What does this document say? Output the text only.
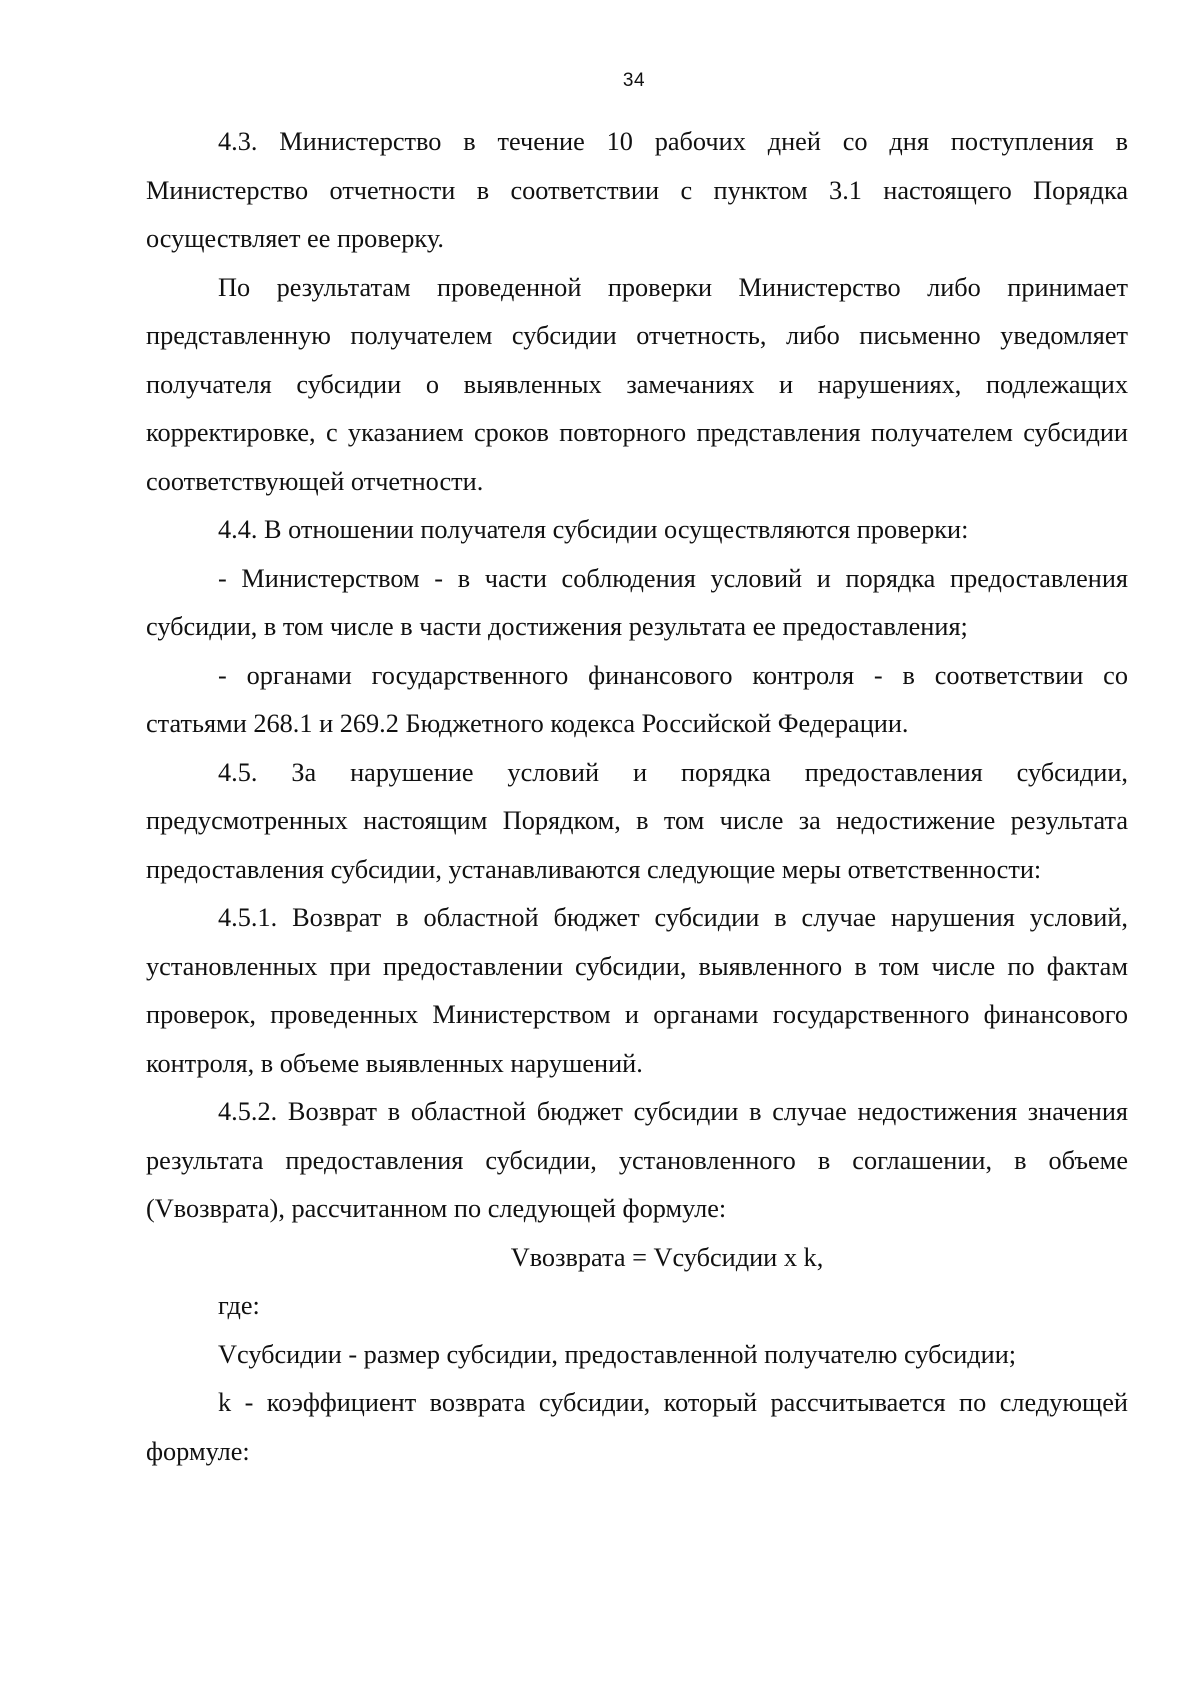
34

4.3. Министерство в течение 10 рабочих дней со дня поступления в Министерство отчетности в соответствии с пунктом 3.1 настоящего Порядка осуществляет ее проверку.

По результатам проведенной проверки Министерство либо принимает представленную получателем субсидии отчетность, либо письменно уведомляет получателя субсидии о выявленных замечаниях и нарушениях, подлежащих корректировке, с указанием сроков повторного представления получателем субсидии соответствующей отчетности.

4.4. В отношении получателя субсидии осуществляются проверки:

- Министерством - в части соблюдения условий и порядка предоставления субсидии, в том числе в части достижения результата ее предоставления;

- органами государственного финансового контроля - в соответствии со статьями 268.1 и 269.2 Бюджетного кодекса Российской Федерации.

4.5. За нарушение условий и порядка предоставления субсидии, предусмотренных настоящим Порядком, в том числе за недостижение результата предоставления субсидии, устанавливаются следующие меры ответственности:

4.5.1. Возврат в областной бюджет субсидии в случае нарушения условий, установленных при предоставлении субсидии, выявленного в том числе по фактам проверок, проведенных Министерством и органами государственного финансового контроля, в объеме выявленных нарушений.

4.5.2. Возврат в областной бюджет субсидии в случае недостижения значения результата предоставления субсидии, установленного в соглашении, в объеме (Vвозврата), рассчитанном по следующей формуле:

Vвозврата = Vсубсидии x k,

где:

Vсубсидии - размер субсидии, предоставленной получателю субсидии;

k - коэффициент возврата субсидии, который рассчитывается по следующей формуле:
